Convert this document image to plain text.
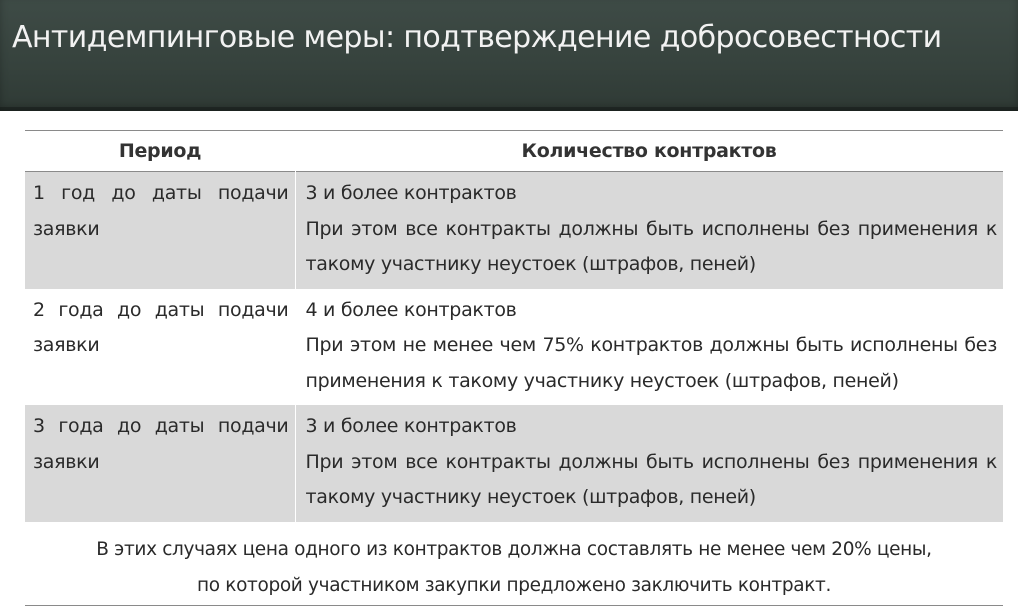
Антидемпинговые меры: подтверждение добросовестности
Период	Количество контрактов
1 год до даты подачи заявки	3 и более контрактов
При этом все контракты должны быть исполнены без применения к такому участнику неустоек (штрафов, пеней)

2 года до даты подачи заявки	4 и более контрактов
При этом не менее чем 75% контрактов должны быть исполнены без применения к такому участнику неустоек (штрафов, пеней)

3 года до даты подачи заявки	3 и более контрактов
При этом все контракты должны быть исполнены без применения к такому участнику неустоек (штрафов, пеней)
В этих случаях цена одного из контрактов должна составлять не менее чем 20% цены,
по которой участником закупки предложено заключить контракт.
